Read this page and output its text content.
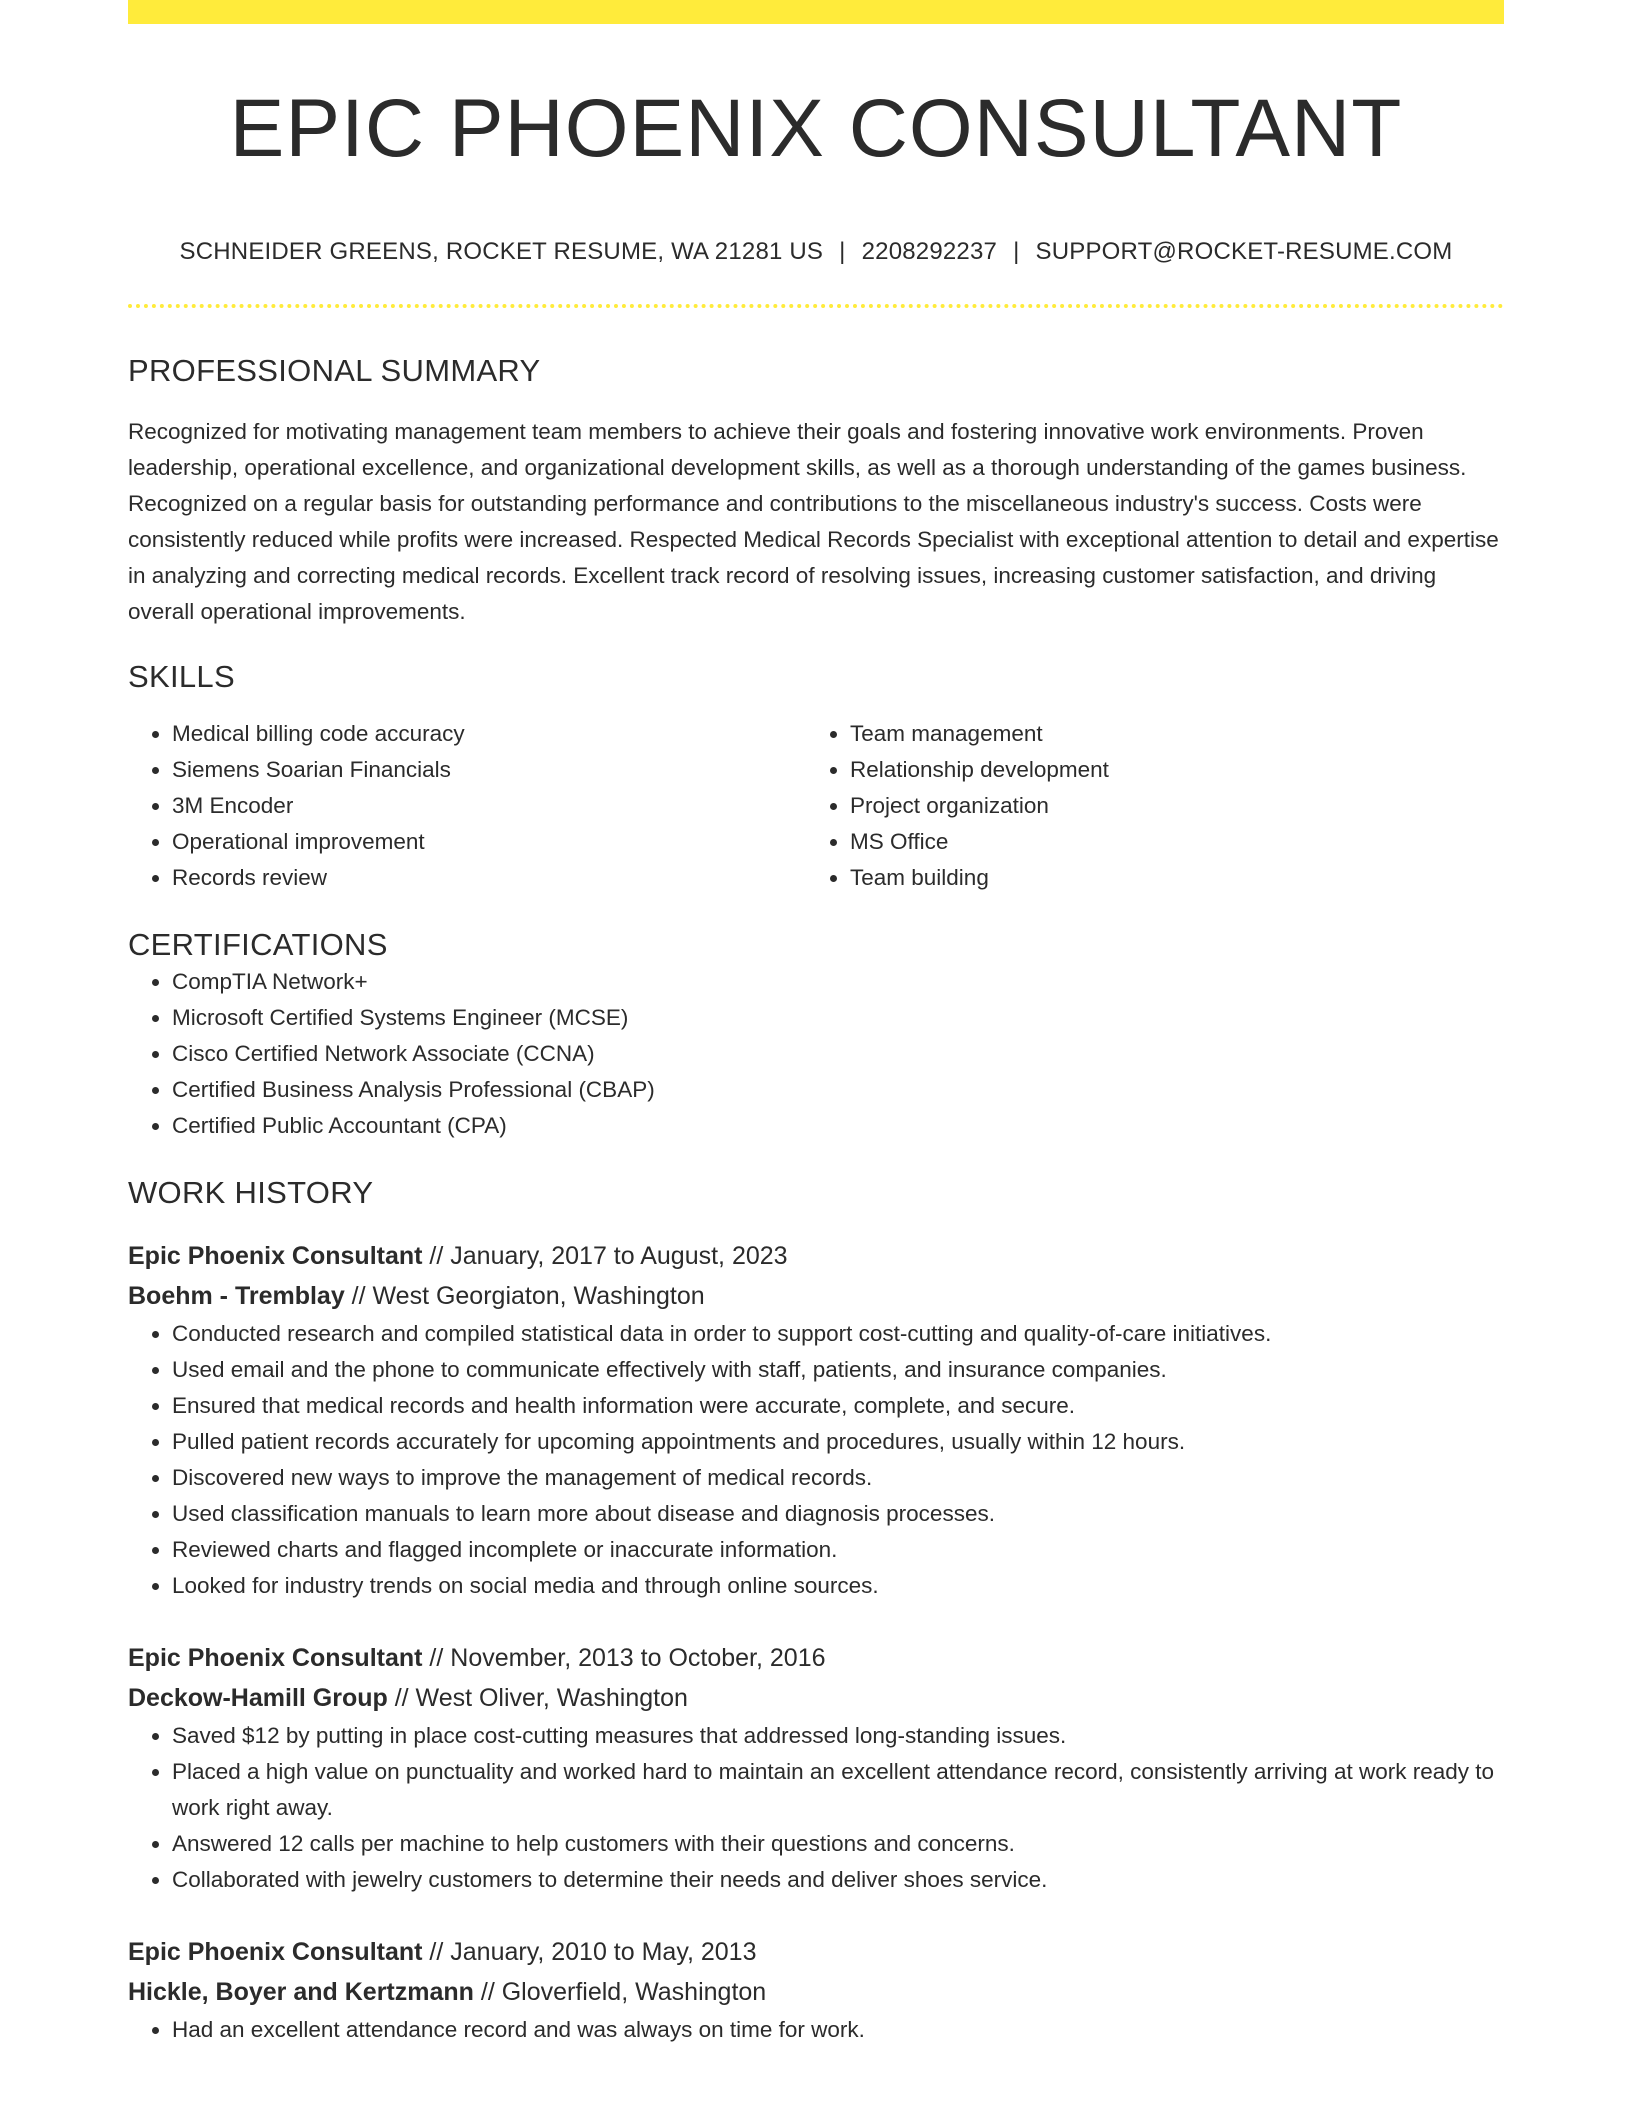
EPIC PHOENIX CONSULTANT
SCHNEIDER GREENS, ROCKET RESUME, WA 21281 US | 2208292237 | SUPPORT@ROCKET-RESUME.COM
PROFESSIONAL SUMMARY
Recognized for motivating management team members to achieve their goals and fostering innovative work environments. Proven leadership, operational excellence, and organizational development skills, as well as a thorough understanding of the games business. Recognized on a regular basis for outstanding performance and contributions to the miscellaneous industry's success. Costs were consistently reduced while profits were increased. Respected Medical Records Specialist with exceptional attention to detail and expertise in analyzing and correcting medical records. Excellent track record of resolving issues, increasing customer satisfaction, and driving overall operational improvements.
SKILLS
• Medical billing code accuracy
• Siemens Soarian Financials
• 3M Encoder
• Operational improvement
• Records review
• Team management
• Relationship development
• Project organization
• MS Office
• Team building
CERTIFICATIONS
• CompTIA Network+
• Microsoft Certified Systems Engineer (MCSE)
• Cisco Certified Network Associate (CCNA)
• Certified Business Analysis Professional (CBAP)
• Certified Public Accountant (CPA)
WORK HISTORY
Epic Phoenix Consultant // January, 2017 to August, 2023
Boehm - Tremblay // West Georgiaton, Washington
• Conducted research and compiled statistical data in order to support cost-cutting and quality-of-care initiatives.
• Used email and the phone to communicate effectively with staff, patients, and insurance companies.
• Ensured that medical records and health information were accurate, complete, and secure.
• Pulled patient records accurately for upcoming appointments and procedures, usually within 12 hours.
• Discovered new ways to improve the management of medical records.
• Used classification manuals to learn more about disease and diagnosis processes.
• Reviewed charts and flagged incomplete or inaccurate information.
• Looked for industry trends on social media and through online sources.
Epic Phoenix Consultant // November, 2013 to October, 2016
Deckow-Hamill Group // West Oliver, Washington
• Saved $12 by putting in place cost-cutting measures that addressed long-standing issues.
• Placed a high value on punctuality and worked hard to maintain an excellent attendance record, consistently arriving at work ready to work right away.
• Answered 12 calls per machine to help customers with their questions and concerns.
• Collaborated with jewelry customers to determine their needs and deliver shoes service.
Epic Phoenix Consultant // January, 2010 to May, 2013
Hickle, Boyer and Kertzmann // Gloverfield, Washington
• Had an excellent attendance record and was always on time for work.
